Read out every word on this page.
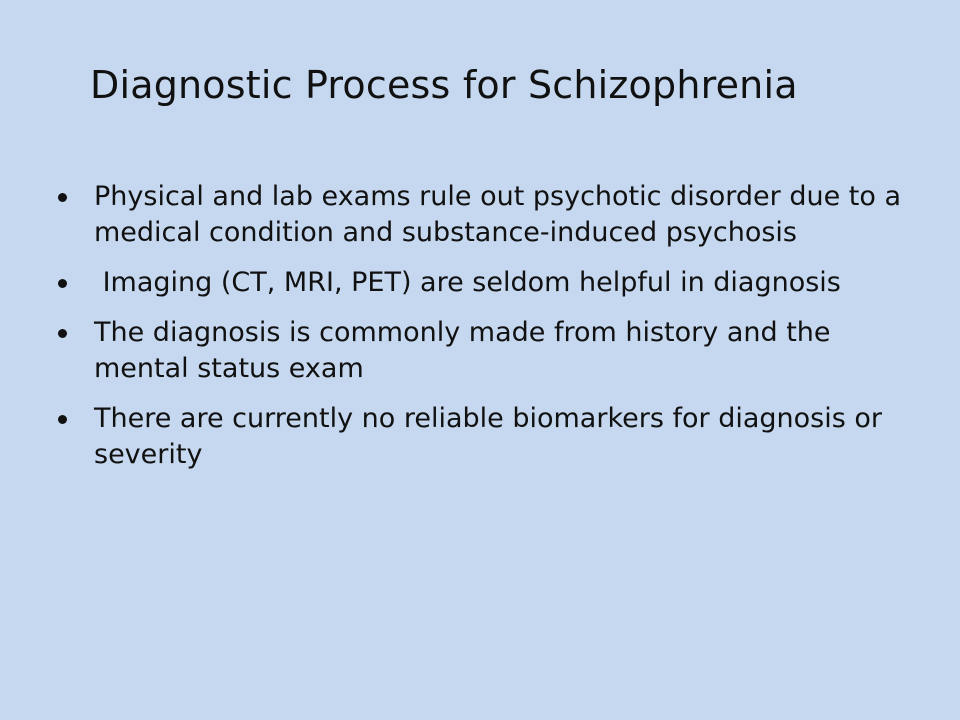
Diagnostic Process for Schizophrenia
Physical and lab exams rule out psychotic disorder due to a medical condition and substance-induced psychosis
Imaging (CT, MRI, PET) are seldom helpful in diagnosis
The diagnosis is commonly made from history and the mental status exam
There are currently no reliable biomarkers for diagnosis or severity
